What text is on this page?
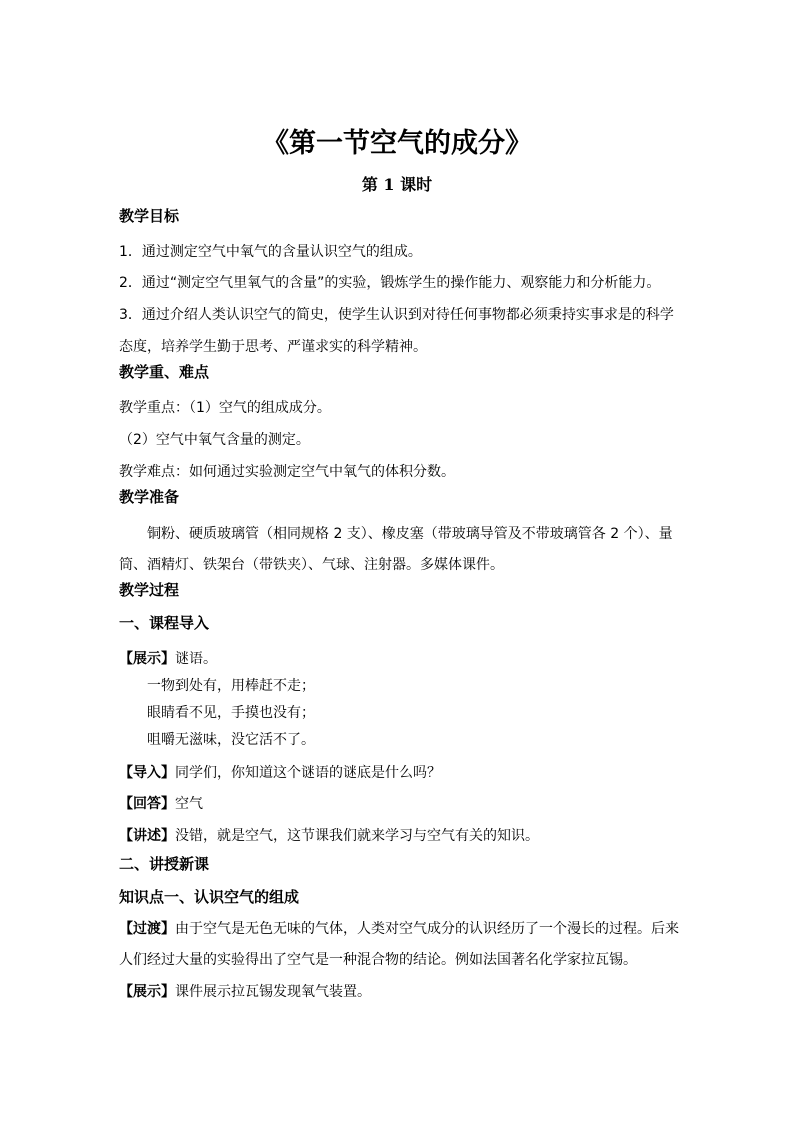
《第一节空气的成分》
第 1 课时
教学目标
1．通过测定空气中氧气的含量认识空气的组成。
2．通过“测定空气里氧气的含量”的实验，锻炼学生的操作能力、观察能力和分析能力。
3．通过介绍人类认识空气的简史，使学生认识到对待任何事物都必须秉持实事求是的科学
态度，培养学生勤于思考、严谨求实的科学精神。
教学重、难点
教学重点：（1）空气的组成成分。
（2）空气中氧气含量的测定。
教学难点：如何通过实验测定空气中氧气的体积分数。
教学准备
铜粉、硬质玻璃管（相同规格 2 支）、橡皮塞（带玻璃导管及不带玻璃管各 2 个）、量
筒、酒精灯、铁架台（带铁夹）、气球、注射器。多媒体课件。
教学过程
一、课程导入
【展示】谜语。
一物到处有，用棒赶不走；
眼睛看不见，手摸也没有；
咀嚼无滋味，没它活不了。
【导入】同学们，你知道这个谜语的谜底是什么吗？
【回答】空气
【讲述】没错，就是空气，这节课我们就来学习与空气有关的知识。
二、讲授新课
知识点一、认识空气的组成
【过渡】由于空气是无色无味的气体，人类对空气成分的认识经历了一个漫长的过程。后来
人们经过大量的实验得出了空气是一种混合物的结论。例如法国著名化学家拉瓦锡。
【展示】课件展示拉瓦锡发现氧气装置。
